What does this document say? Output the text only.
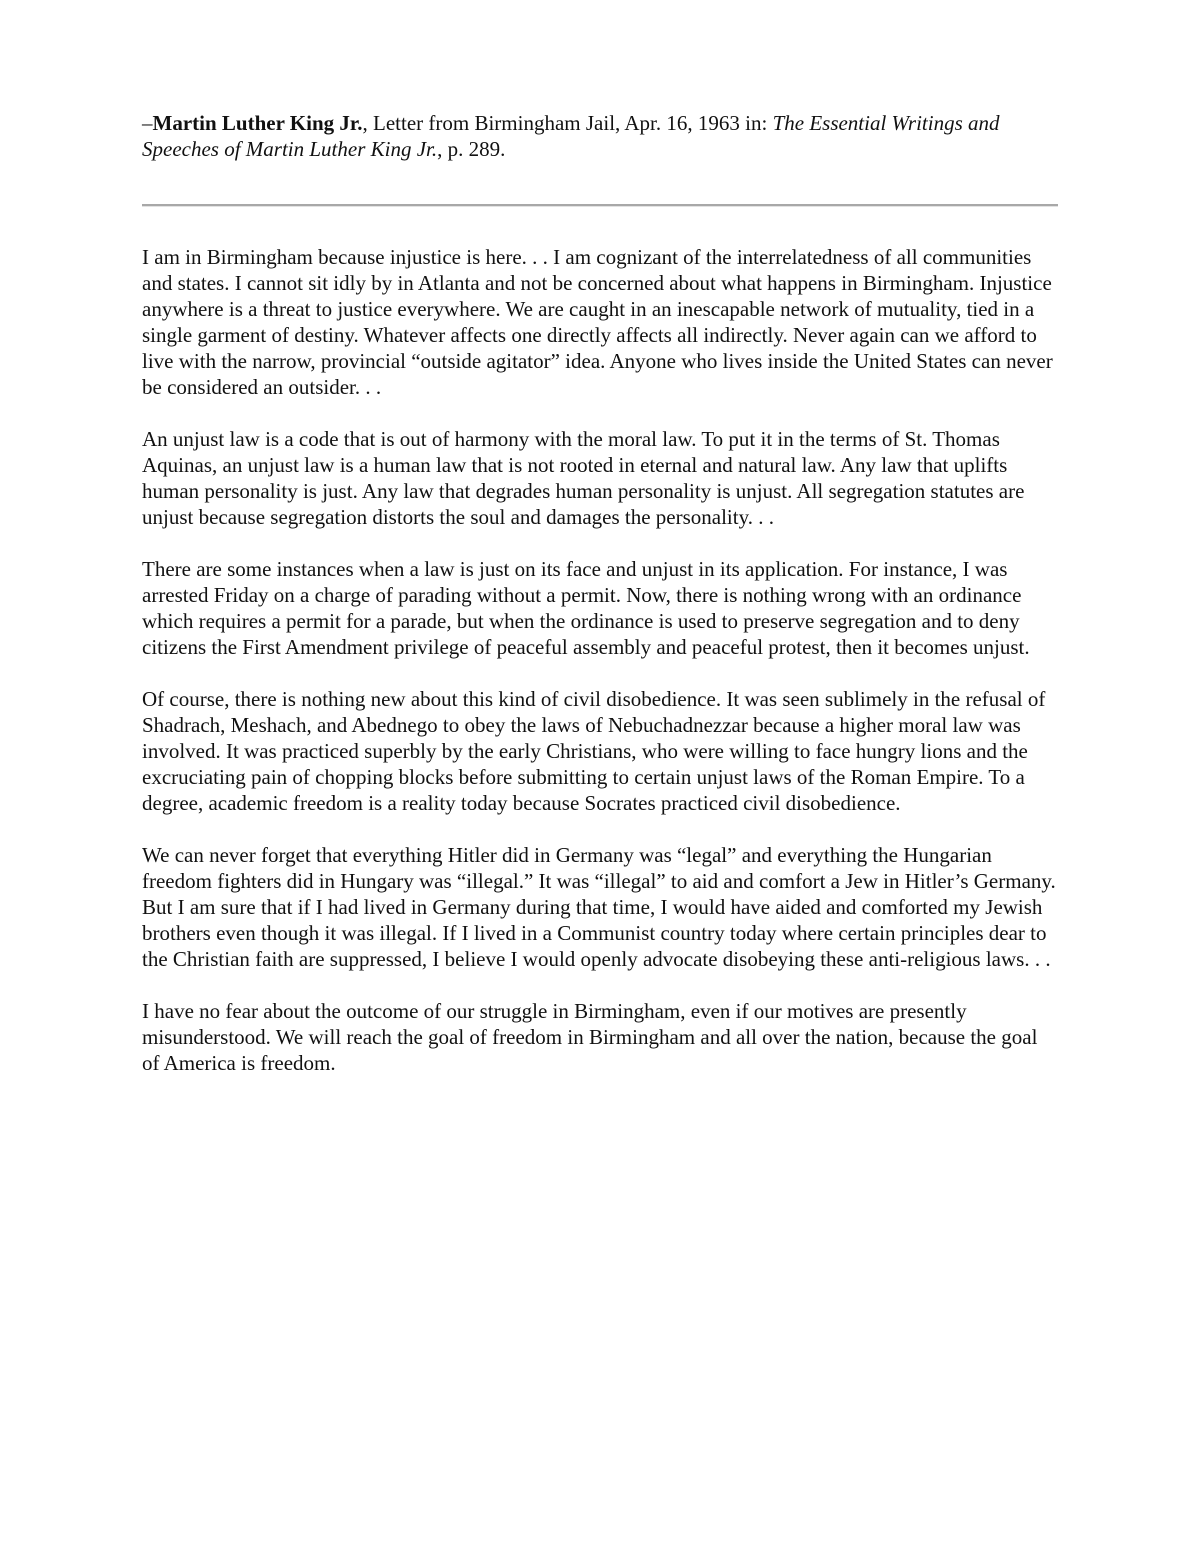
–Martin Luther King Jr., Letter from Birmingham Jail, Apr. 16, 1963 in: The Essential Writings and Speeches of Martin Luther King Jr., p. 289.

I am in Birmingham because injustice is here. . . I am cognizant of the interrelatedness of all communities and states. I cannot sit idly by in Atlanta and not be concerned about what happens in Birmingham. Injustice anywhere is a threat to justice everywhere. We are caught in an inescapable network of mutuality, tied in a single garment of destiny. Whatever affects one directly affects all indirectly. Never again can we afford to live with the narrow, provincial “outside agitator” idea. Anyone who lives inside the United States can never be considered an outsider. . .

An unjust law is a code that is out of harmony with the moral law. To put it in the terms of St. Thomas Aquinas, an unjust law is a human law that is not rooted in eternal and natural law. Any law that uplifts human personality is just. Any law that degrades human personality is unjust. All segregation statutes are unjust because segregation distorts the soul and damages the personality. . .

There are some instances when a law is just on its face and unjust in its application. For instance, I was arrested Friday on a charge of parading without a permit. Now, there is nothing wrong with an ordinance which requires a permit for a parade, but when the ordinance is used to preserve segregation and to deny citizens the First Amendment privilege of peaceful assembly and peaceful protest, then it becomes unjust.

Of course, there is nothing new about this kind of civil disobedience. It was seen sublimely in the refusal of Shadrach, Meshach, and Abednego to obey the laws of Nebuchadnezzar because a higher moral law was involved. It was practiced superbly by the early Christians, who were willing to face hungry lions and the excruciating pain of chopping blocks before submitting to certain unjust laws of the Roman Empire. To a degree, academic freedom is a reality today because Socrates practiced civil disobedience.

We can never forget that everything Hitler did in Germany was “legal” and everything the Hungarian freedom fighters did in Hungary was “illegal.” It was “illegal” to aid and comfort a Jew in Hitler’s Germany. But I am sure that if I had lived in Germany during that time, I would have aided and comforted my Jewish brothers even though it was illegal. If I lived in a Communist country today where certain principles dear to the Christian faith are suppressed, I believe I would openly advocate disobeying these anti-religious laws. . .

I have no fear about the outcome of our struggle in Birmingham, even if our motives are presently misunderstood. We will reach the goal of freedom in Birmingham and all over the nation, because the goal of America is freedom.
